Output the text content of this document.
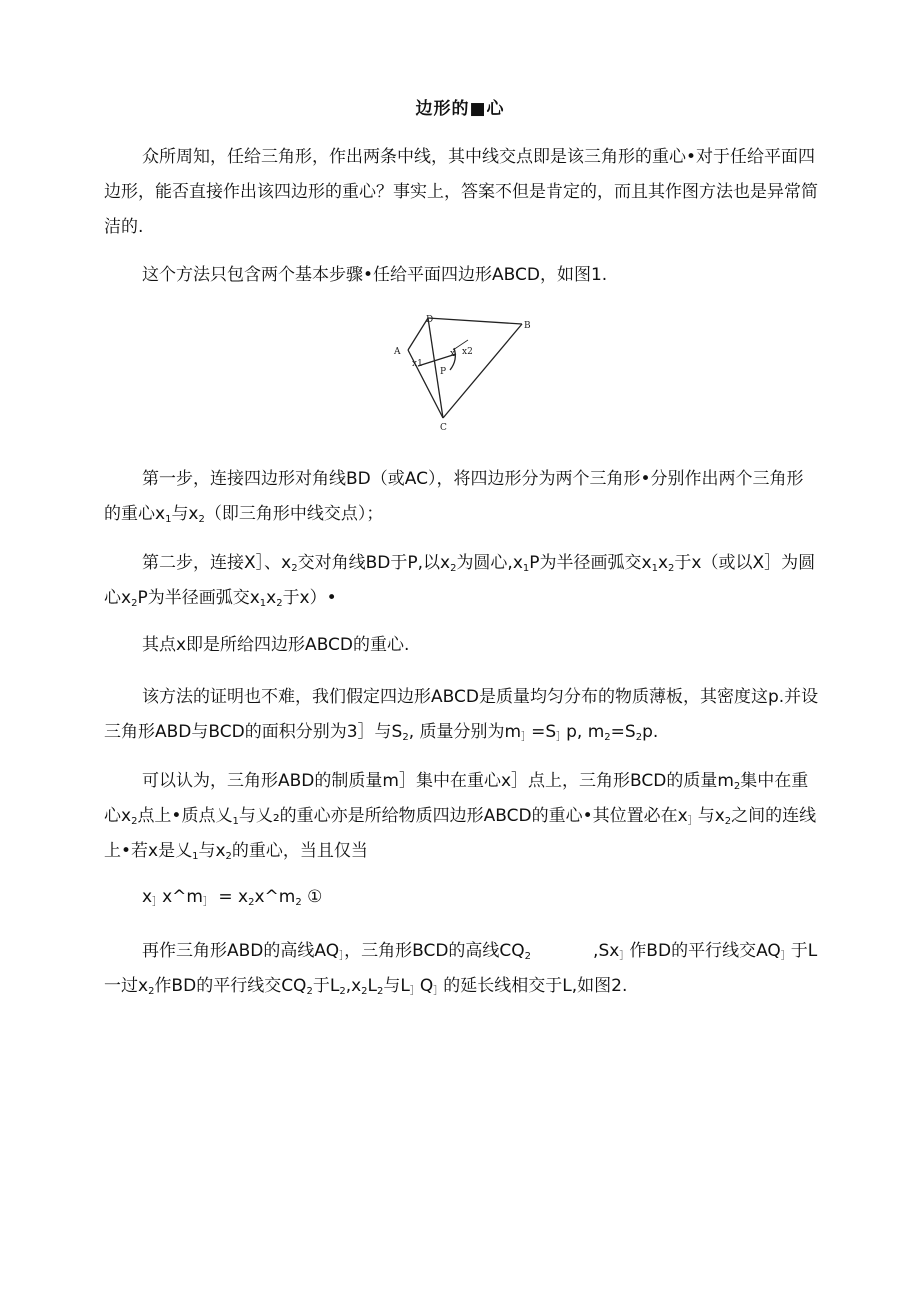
边形的■心
众所周知，任给三角形，作出两条中线，其中线交点即是该三角形的重心•对于任给平面四边形，能否直接作出该四边形的重心？事实上，答案不但是肯定的，而且其作图方法也是异常简洁的.
这个方法只包含两个基本步骤•任给平面四边形ABCD，如图1.
A
B
C
D
P
x1
x x2
第一步，连接四边形对角线BD（或AC），将四边形分为两个三角形•分别作出两个三角形的重心$x_1$与$x_2$（即三角形中线交点）；
第二步，连接X］、$x_2$交对角线BD于P,以$x_2$为圆心$,x_1P$为半径画弧交$x_1x_2$于x（或以X］为圆心$x_2P$为半径画弧交$x_1x_2$于x）•
其点x即是所给四边形ABCD的重心.
该方法的证明也不难，我们假定四边形ABCD是质量均匀分布的物质薄板，其密度这p.并设三角形ABD与BCD的面积分别为3］与$S_2$, 质量分别为$m_]=S_]p$, $m_2=S_2p$.
可以认为，三角形ABD的制质量m］集中在重心x］点上，三角形BCD的质量$m_2$集中在重心$x_2$点上•质点乂$_1$与乂₂的重心亦是所给物质四边形ABCD的重心•其位置必在$x_]$与$x_2$之间的连线上•若x是乂$_1$与$x_2$的重心，当且仅当
$x_]x\^{}m_]$ = $x_2x\^{}m_2$ ①
再作三角形ABD的高线$AQ_]$，三角形BCD的高线$CQ_2$	$,Sx_]$作BD的平行线交$AQ_]$于L一过$x_2$作BD的平行线交$CQ_2$于$L_2,x_2L_2$与$L_]Q_]$的延长线相交于L,如图2.
